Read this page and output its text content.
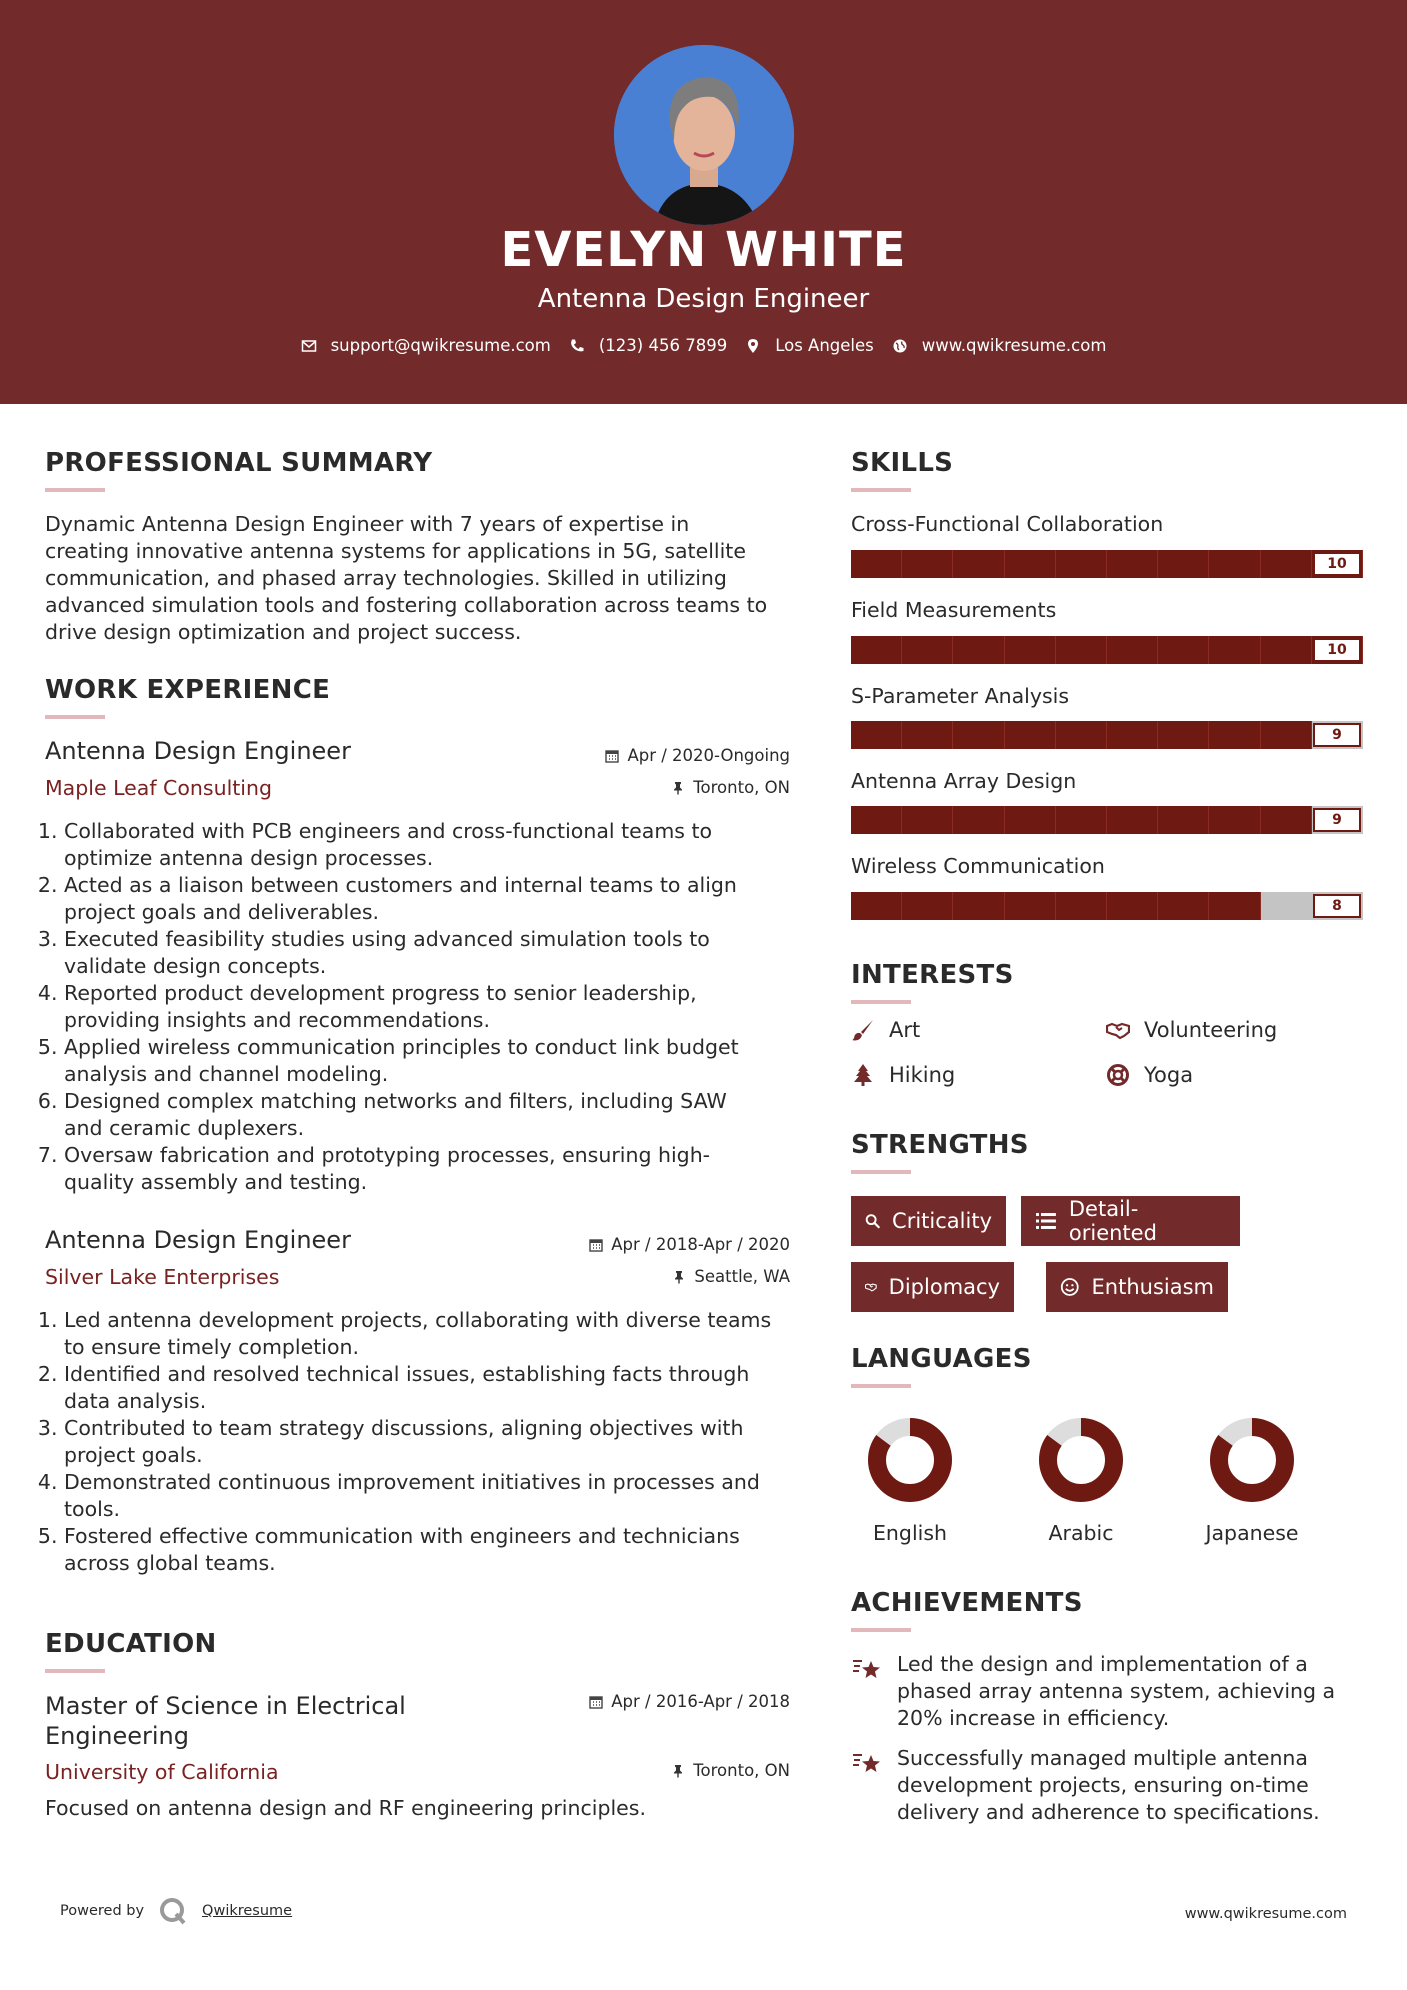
EVELYN WHITE
Antenna Design Engineer
support@qwikresume.com	(123) 456 7899	Los Angeles	www.qwikresume.com
PROFESSIONAL SUMMARY
Dynamic Antenna Design Engineer with 7 years of expertise in
creating innovative antenna systems for applications in 5G, satellite
communication, and phased array technologies. Skilled in utilizing
advanced simulation tools and fostering collaboration across teams to
drive design optimization and project success.
WORK EXPERIENCE
Antenna Design Engineer
Maple Leaf Consulting
Apr / 2020-Ongoing
Toronto, ON
1. Collaborated with PCB engineers and cross-functional teams to
optimize antenna design processes.
2. Acted as a liaison between customers and internal teams to align
project goals and deliverables.
3. Executed feasibility studies using advanced simulation tools to
validate design concepts.
4. Reported product development progress to senior leadership,
providing insights and recommendations.
5. Applied wireless communication principles to conduct link budget
analysis and channel modeling.
6. Designed complex matching networks and filters, including SAW
and ceramic duplexers.
7. Oversaw fabrication and prototyping processes, ensuring high-
quality assembly and testing.
Antenna Design Engineer
Silver Lake Enterprises
Apr / 2018-Apr / 2020
Seattle, WA
1. Led antenna development projects, collaborating with diverse teams
to ensure timely completion.
2. Identified and resolved technical issues, establishing facts through
data analysis.
3. Contributed to team strategy discussions, aligning objectives with
project goals.
4. Demonstrated continuous improvement initiatives in processes and
tools.
5. Fostered effective communication with engineers and technicians
across global teams.
EDUCATION
Master of Science in Electrical
Engineering
University of California
Apr / 2016-Apr / 2018
Toronto, ON
Focused on antenna design and RF engineering principles.
SKILLS
Cross-Functional Collaboration
10
Field Measurements
10
S-Parameter Analysis
9
Antenna Array Design
9
Wireless Communication
8
INTERESTS
Art	Volunteering
Hiking	Yoga
STRENGTHS
Criticality	Detail-oriented
Diplomacy	Enthusiasm
LANGUAGES
English	Arabic	Japanese
ACHIEVEMENTS
Led the design and implementation of a
phased array antenna system, achieving a
20% increase in efficiency.
Successfully managed multiple antenna
development projects, ensuring on-time
delivery and adherence to specifications.
Powered by	Qwikresume	www.qwikresume.com
